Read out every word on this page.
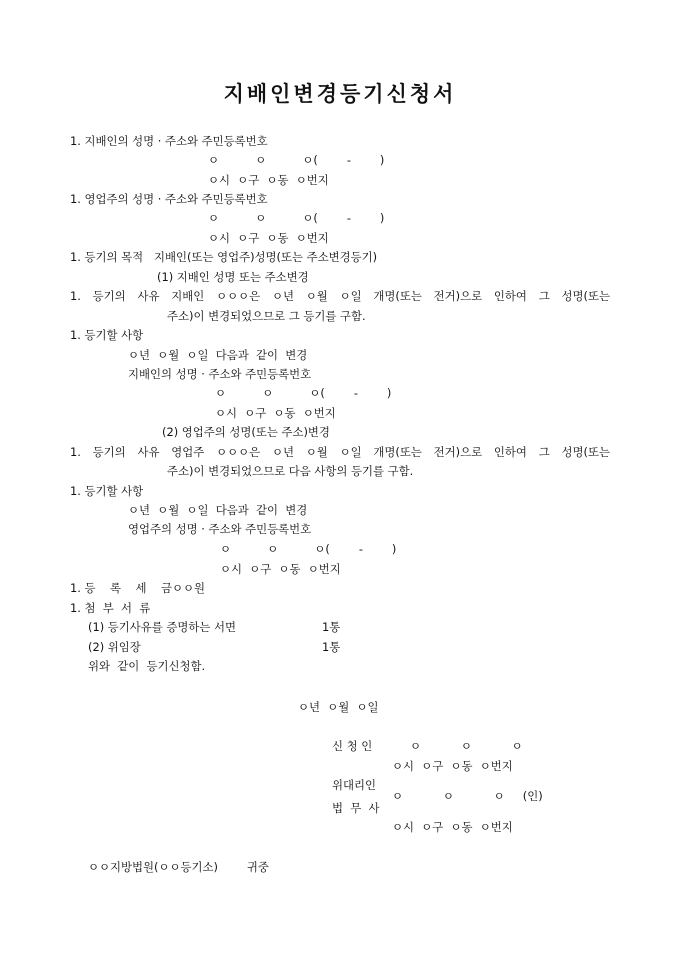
지배인변경등기신청서
1. 지배인의 성명 · 주소와 주민등록번호
ㅇ          ㅇ          ㅇ(        -        )
ㅇ시  ㅇ구  ㅇ동  ㅇ번지
1. 영업주의 성명 · 주소와 주민등록번호
ㅇ          ㅇ          ㅇ(        -        )
ㅇ시  ㅇ구  ㅇ동  ㅇ번지
1. 등기의 목적   지배인(또는 영업주)성명(또는 주소변경등기)
(1) 지배인 성명 또는 주소변경
주소)이 변경되었으므로 그 등기를 구함.
1. 등기할 사항
ㅇ년  ㅇ월  ㅇ일  다음과  같이  변경
지배인의 성명 · 주소와 주민등록번호
ㅇ          ㅇ          ㅇ(        -        )
ㅇ시  ㅇ구  ㅇ동  ㅇ번지
(2) 영업주의 성명(또는 주소)변경
주소)이 변경되었으므로 다음 사항의 등기를 구함.
1. 등기할 사항
ㅇ년  ㅇ월  ㅇ일  다음과  같이  변경
영업주의 성명 · 주소와 주민등록번호
ㅇ          ㅇ          ㅇ(        -        )
ㅇ시  ㅇ구  ㅇ동  ㅇ번지
1. 등    록    세    금ㅇㅇ원
1. 첨  부  서  류
(1) 등기사유를 증명하는 서면	1통
(2) 위임장	1통
위와  같이  등기신청함.
ㅇ년  ㅇ월  ㅇ일
신 청 인	ㅇ           ㅇ           ㅇ
ㅇ시  ㅇ구  ㅇ동  ㅇ번지
위대리인
ㅇ           ㅇ           ㅇ     (인)
법  무  사
ㅇ시  ㅇ구  ㅇ동  ㅇ번지
ㅇㅇ지방법원(ㅇㅇ등기소)        귀중
1. 등기의 사유 지배인 ㅇㅇㅇ은 ㅇ년 ㅇ월 ㅇ일 개명(또는 전거)으로 인하여 그 성명(또는
1. 등기의 사유 영업주 ㅇㅇㅇ은 ㅇ년 ㅇ월 ㅇ일 개명(또는 전거)으로 인하여 그 성명(또는
